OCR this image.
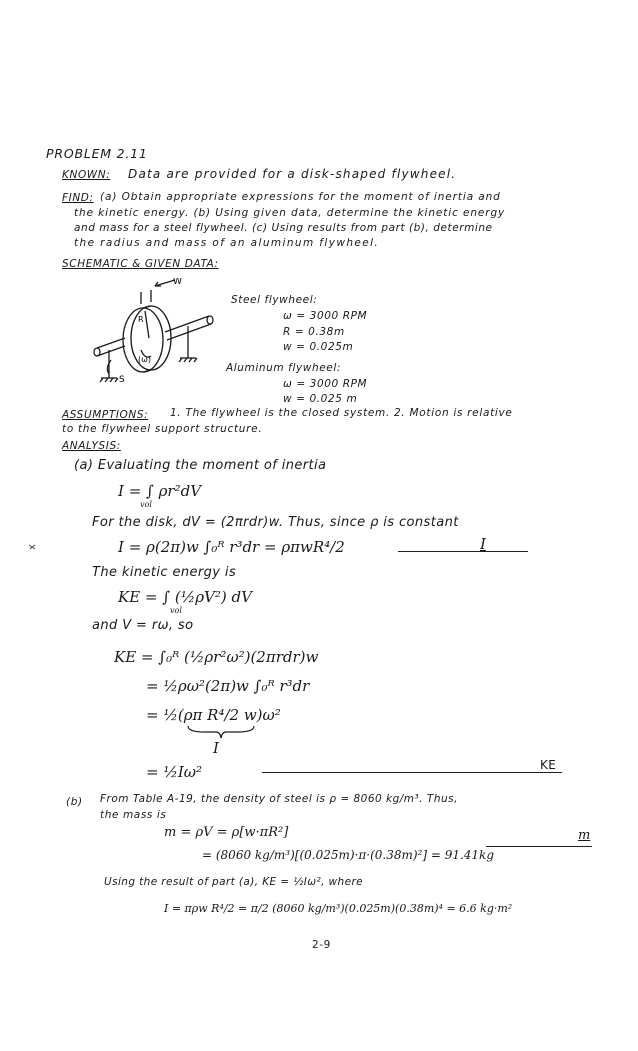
PROBLEM 2.11
KNOWN: Data are provided for a disk-shaped flywheel.
FIND: (a) Obtain appropriate expressions for the moment of inertia and
the kinetic energy. (b) Using given data, determine the kinetic energy
and mass for a steel flywheel. (c) Using results from part (b), determine
the radius and mass of an aluminum flywheel.
SCHEMATIC & GIVEN DATA:
W
R
(ω)
S
Steel flywheel:
ω = 3000 RPM
R = 0.38m
w = 0.025m
Aluminum flywheel:
ω = 3000 RPM
w = 0.025 m
ASSUMPTIONS: 1. The flywheel is the closed system. 2. Motion is relative
to the flywheel support structure.
ANALYSIS:
(a) Evaluating the moment of inertia
I = ∫ ρr²dV
vol
For the disk, dV = (2πrdr)w. Thus, since ρ is constant
I = ρ(2π)w ∫₀ᴿ r³dr = ρπwR⁴/2	I
The kinetic energy is
KE = ∫ (½ρV²) dV
vol
and V = rω, so
KE = ∫₀ᴿ (½ρr²ω²)(2πrdr)w
= ½ρω²(2π)w ∫₀ᴿ r³dr
= ½(ρπ R⁴/2 w)ω²
I
= ½Iω²	KE
(b) From Table A-19, the density of steel is ρ = 8060 kg/m³. Thus,
the mass is
m = ρV = ρ[w·πR²]
= (8060 kg/m³)[(0.025m)·π·(0.38m)²] = 91.41kg
m
Using the result of part (a), KE = ½Iω², where
I = πρw R⁴/2 = π/2 (8060 kg/m³)(0.025m)(0.38m)⁴ = 6.6 kg·m²
2-9
